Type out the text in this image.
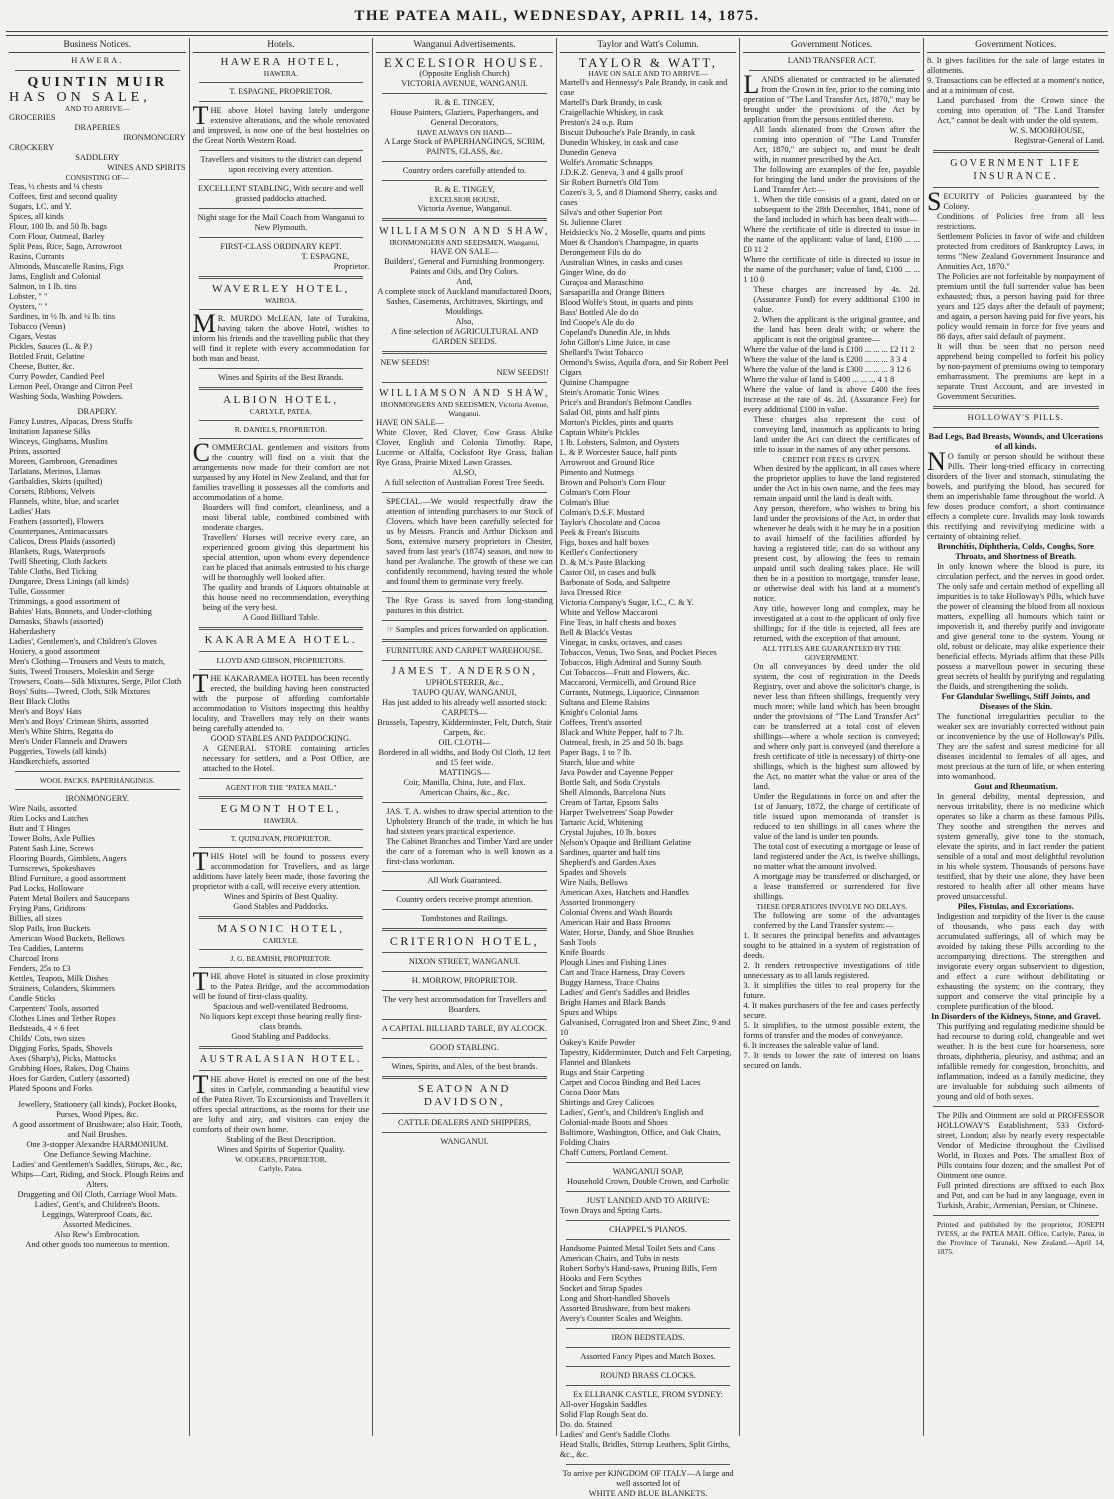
THE PATEA MAIL, WEDNESDAY, APRIL 14, 1875.
Business Notices.
HAWERA.
QUINTIN MUIR
HAS ON SALE,
AND TO ARRIVE—
GROCERIES
DRAPERIES
IRONMONGERY
CROCKERY
SADDLERY
WINES AND SPIRITS
CONSISTING OF—
Teas, ½ chests and ¼ chests
Coffees, first and second quality
Sugars, I.C. and Y.
Spices, all kinds
Flour, 100 lb. and 50 lb. bags
Corn Flour, Oatmeal, Barley
Split Peas, Rice, Sago, Arrowroot
Rasins, Currants
Almonds, Muscatelle Rasins, Figs
Jams, English and Colonial
Salmon, in 1 lb. tins
Lobster, " "
Oysters, " "
Sardines, in ½ lb. and ¼ lb. tins
Tobacco (Venus)
Cigars, Vestas
Pickles, Sauces (L. & P.)
Bottled Fruit, Gelatine
Cheese, Butter, &c.
Curry Powder, Candied Peel
Lemon Peel, Orange and Citron Peel
Washing Soda, Washing Powders.
DRAPERY.
Fancy Lustres, Alpacas, Dress Stuffs
Imitation Japanese Silks
Winceys, Ginghams, Muslins
Prints, assorted
Moreen, Gambroon, Grenadines
Tarlatans, Merinos, Llamas
Garibaldies, Skirts (quilted)
Corsets, Ribbons, Velvets
Flannels, white, blue, and scarlet
Ladies' Hats
Feathers (assorted), Flowers
Counterpanes, Antimacassars
Calicos, Dress Plaids (assorted)
Blankets, Rugs, Waterproofs
Twill Sheeting, Cloth Jackets
Table Cloths, Bed Ticking
Dungaree, Dress Linings (all kinds)
Tulle, Gossomer
Trimmings, a good assortment of
Babies' Hats, Bonnets, and Under-clothing
Damasks, Shawls (assorted)
Haberdashery
Ladies', Gentlemen's, and Children's Gloves
Hosiery, a good assortment
Men's Clothing—Trousers and Vests to match, Suits, Tweed Trousers, Moleskin and Serge Trowsers, Coats—Silk Mixtures, Serge, Pilot Cloth
Boys' Suits—Tweed, Cloth, Silk Mixtures
Best Black Cloths
Men's and Boys' Hats
Men's and Boys' Crimean Shirts, assorted
Men's White Shirts, Regatta do
Men's Under Flannels and Drawers
Puggeries, Towels (all kinds)
Handkerchiefs, assorted
WOOL PACKS. PAPERHANGINGS.
IRONMONGERY.
Wire Nails, assorted
Rim Locks and Latches
Butt and T Hinges
Tower Bolts, Axle Pullies
Patent Sash Line, Screws
Flooring Boards, Gimblets, Augers
Turnscrews, Spokeshaves
Blind Furniture, a good assortment
Pad Locks, Holloware
Patent Metal Boilers and Saucepans
Frying Pans, Gridirons
Billies, all sizes
Slop Pails, Iron Buckets
American Wood Buckets, Bellows
Tea Caddies, Lanterns
Charcoal Irons
Fenders, 25s to £3
Kettles, Teapots, Milk Dishes
Strainers, Colanders, Skimmers
Candle Sticks
Carpenters' Tools, assorted
Clothes Lines and Tether Ropes
Bedsteads, 4 × 6 feet
Childs' Cots, two sizes
Digging Forks, Spads, Shovels
Axes (Sharp's), Picks, Mattocks
Grubbing Hoes, Rakes, Dog Chains
Hoes for Garden, Cutlery (assorted)
Plated Spoons and Forks
Jewellery, Stationery (all kinds), Pocket Books, Purses, Wood Pipes, &c.
A good assortment of Brushware; also Hair, Tooth, and Nail Brushes.
One 3-stopper Alexandre HARMONIUM.
One Defiance Sewing Machine.
Ladies' and Gentlemen's Saddles, Stirups, &c., &c.
Whips—Cart, Riding, and Stock. Plough Reins and Alters.
Druggeting and Oil Cloth, Carriage Wool Mats.
Ladies', Gent's, and Children's Boots.
Leggings, Waterproof Coats, &c.
Assorted Medicines.
Also Rew's Embrocation.
And other goods too numerous to mention.
Hotels.
HAWERA HOTEL,
HAWERA.
T. ESPAGNE, PROPRIETOR.
THE above Hotel having lately undergone extensive alterations, and the whole renovated and improved, is now one of the best hostelries on the Great North Western Road.
Travellers and visitors to the district can depend upon receiving every attention.
EXCELLENT STABLING, With secure and well grassed paddocks attached.
Night stage for the Mail Coach from Wanganui to New Plymouth.
FIRST-CLASS ORDINARY KEPT.
T. ESPAGNE,
Proprietor.
WAVERLEY HOTEL,
WAIROA.
MR. MURDO McLEAN, late of Turakina, having taken the above Hotel, wishes to inform his friends and the travelling public that they will find it replete with every accommodation for both man and beast.
Wines and Spirits of the Best Brands.
ALBION HOTEL,
CARLYLE, PATEA.
R. DANIELS, PROPRIETOR.
COMMERCIAL gentlemen and visitors from the country will find on a visit that the arrangements now made for their comfort are not surpassed by any Hotel in New Zealand, and that for families travelling it possesses all the comforts and accommodation of a home.
Boarders will find comfort, cleanliness, and a most liberal table, combined combined with moderate charges.
Travellers' Horses will receive every care, an experienced groom giving this department his special attention, upon whom every dependence can be placed that animals entrusted to his charge will be thoroughly well looked after.
The quality and brands of Liquors obtainable at this house need no recommendation, everything being of the very best.
A Good Billiard Table.
KAKARAMEA HOTEL.
LLOYD AND GIBSON, PROPRIETORS.
THE KAKARAMEA HOTEL has been recently erected, the building having been constructed with the purpose of affording comfortable accommodation to Visitors inspecting this healthy locality, and Travellers may rely on their wants being carefully attended to.
GOOD STABLES AND PADDOCKING.
A GENERAL STORE containing articles necessary for settlers, and a Post Office, are attached to the Hotel.
AGENT FOR THE "PATEA MAIL."
EGMONT HOTEL,
HAWERA.
T. QUINLIVAN, PROPRIETOR.
THIS Hotel will be found to possess every accommodation for Travellers, and as large additions have lately been made, those favoring the proprietor with a call, will receive every attention.
Wines and Spirits of Best Quality.
Good Stables and Paddocks.
MASONIC HOTEL,
CARLYLE.
J. G. BEAMISH, PROPRIETOR.
THE above Hotel is situated in close proximity to the Patea Bridge, and the accommodation will be found of first-class quality.
Spacious and well-ventilated Bedrooms.
No liquors kept except those bearing really first-class brands.
Good Stabling and Paddocks.
AUSTRALASIAN HOTEL.
THE above Hotel is erected on one of the best sites in Carlyle, commanding a beautiful view of the Patea River. To Excursionists and Travellers it offers special attractions, as the rooms for their use are lofty and airy, and visitors can enjoy the comforts of their own home.
Stabling of the Best Description.
Wines and Spirits of Superior Quality.
W. ODGERS, PROPRIETOR,
Carlyle, Patea.
Wanganui Advertisements.
EXCELSIOR HOUSE.
(Opposite English Church)
VICTORIA AVENUE, WANGANUI.
R. & E. TINGEY,
House Painters, Glaziers, Paperhangers, and General Decorators,
HAVE ALWAYS ON HAND—
A Large Stock of PAPERHANGINGS, SCRIM, PAINTS, GLASS, &c.
Country orders carefully attended to.
R. & E. TINGEY,
EXCELSIOR HOUSE,
Victoria Avenue, Wanganui.
WILLIAMSON AND SHAW,
IRONMONGERS AND SEEDSMEN, Wanganui,
HAVE ON SALE—
Builders', General and Furnishing Ironmongery. Paints and Oils, and Dry Colors.
And,
A complete stock of Auckland manufactured Doors, Sashes, Casements, Architraves, Skirtings, and Mouldings.
Also,
A fine selection of AGRICULTURAL AND GARDEN SEEDS.
NEW SEEDS!
NEW SEEDS!!
WILLIAMSON AND SHAW,
IRONMONGERS AND SEEDSMEN, Victoria Avenue, Wanganui.
HAVE ON SALE—
White Clover, Red Clover, Cow Grass Alsike Clover, English and Colonia Timothy. Rape, Lucerne or Alfalfa, Cocksfoot Rye Grass, Italian Rye Grass, Prairie Mixed Lawn Grasses.
ALSO,
A full selection of Australian Forest Tree Seeds.
SPECIAL.—We would respectfully draw the attention of intending purchasers to our Stock of Clovers, which have been carefully selected for us by Messrs. Francis and Arthur Dickson and Sons, extensive nursery proprietors in Chester, saved from last year's (1874) season, and now to hand per Avalanche. The growth of these we can confidently recommend, having tested the whole and found them to germinate very freely.
The Rye Grass is saved from long-standing pastures in this district.
☞ Samples and prices forwarded on application.
FURNITURE AND CARPET WAREHOUSE.
JAMES T. ANDERSON,
UPHOLSTERER, &c.,
TAUPO QUAY, WANGANUI,
Has just added to his already well assorted stock:
CARPETS—
Brussels, Tapestry, Kidderminster, Felt, Dutch, Stair Carpets, &c.
OIL CLOTH—
Bordered in all widths, and Body Oil Cloth, 12 feet and 15 feet wide.
MATTINGS—
Coir, Manilla, China, Jute, and Flax.
American Chairs, &c., &c.
JAS. T. A. wishes to draw special attention to the Upholstery Branch of the trade, in which he has had sixteen years practical experience.
The Cabinet Branches and Timber Yard are under the care of a foreman who is well known as a first-class workman.
All Work Guaranteed.
Country orders receive prompt attention.
Tombstones and Railings.
CRITERION HOTEL,
NIXON STREET, WANGANUI.
H. MORROW, PROPRIETOR.
The very best accommodation for Travellers and Boarders.
A CAPITAL BILLIARD TABLE, BY ALCOCK.
GOOD STABLING.
Wines, Spirits, and Ales, of the best brands.
SEATON AND DAVIDSON,
CATTLE DEALERS AND SHIPPERS,
WANGANUI.
Taylor and Watt's Column.
TAYLOR & WATT,
HAVE ON SALE AND TO ARRIVE—
Martell's and Hennessy's Pale Brandy, in cask and case
Martell's Dark Brandy, in cask
Craigellachie Whiskey, in cask
Preston's 24 o.p. Rum
Biscuit Dubouche's Pale Brandy, in cask
Dunedin Whiskey, in cask and case
Dunedin Geneva
Wolfe's Aromatic Schnapps
J.D.K.Z. Geneva, 3 and 4 galls proof
Sir Robert Burnett's Old Tom
Cozen's 3, 5, and 8 Diamond Sherry, casks and cases
Silva's and other Superior Port
St. Julienne Claret
Heidsieck's No. 2 Moselle, quarts and pints
Moet & Chandon's Champagne, in quarts
Derongement Fils do do
Australian Wines, in casks and cases
Ginger Wine, do do
Curaçoa and Maraschino
Sarsaparilla and Orange Bitters
Blood Wolfe's Stout, in quarts and pints
Bass' Bottled Ale do do
Ind Coope's Ale do do
Copeland's Dunedin Ale, in hhds
John Gillon's Lime Juice, in case
Shellard's Twist Tobacco
Ormond's Swiss, Aquila d'ora, and Sir Robert Peel Cigars
Quinine Champagne
Stein's Aromatic Tonic Wines
Price's and Brandon's Belmont Candles
Salad Oil, pints and half pints
Morton's Pickles, pints and quarts
Captain White's Pickles
1 lb. Lobsters, Salmon, and Oysters
L. & P. Worcester Sauce, half pints
Arrowroot and Ground Rice
Pimento and Nutmegs
Brown and Polson's Corn Flour
Colman's Corn Flour
Colman's Blue
Colman's D.S.F. Mustard
Taylor's Chocolate and Cocoa
Peek & Frean's Biscuits
Figs, boxes and half boxes
Keiller's Confectionery
D. & M.'s Paste Blacking
Castor Oil, in cases and bulk
Barbonate of Soda, and Saltpetre
Java Dressed Rice
Victoria Company's Sugar, I.C., C. & Y.
White and Yellow Maccaroni
Fine Teas, in half chests and boxes
Bell & Black's Vestas
Vinegar, in casks, octaves, and cases
Tobaccos, Venus, Two Seas, and Pocket Pieces
Tobaccos, High Admiral and Sunny South
Cut Tobaccos—Fruit and Flowers, &c.
Maccaroni, Vermicelli, and Ground Rice
Currants, Nutmegs, Liquorice, Cinnamon
Sultana and Eleme Raisins
Knight's Colonial Jams
Coffees, Trent's assorted
Black and White Pepper, half to 7 lb.
Oatmeal, fresh, in 25 and 50 lb. bags
Paper Bags, 1 to 7 lb.
Starch, blue and white
Java Powder and Cayenne Pepper
Bottle Salt, and Soda Crystals
Shell Almonds, Barcelona Nuts
Cream of Tartar, Epsom Salts
Harper Twelvetrees' Soap Powder
Tartaric Acid, Whitening
Crystal Jujubes, 10 lb. boxes
Nelson's Opaque and Brilliant Gelatine
Sardines, quarter and half tins
Shepherd's and Garden Axes
Spades and Shovels
Wire Nails, Bellows
American Axes, Hatchets and Handles
Assorted Ironmongery
Colonial Ovens and Wash Boards
American Hair and Bass Brooms
Water, Horse, Dandy, and Shoe Brushes
Sash Tools
Knife Boards
Plough Lines and Fishing Lines
Cart and Trace Harness, Dray Covers
Buggy Harness, Trace Chains
Ladies' and Gent's Saddles and Bridles
Bright Hames and Black Bands
Spurs and Whips
Galvanised, Corrugated Iron and Sheet Zinc, 9 and 10
Oakey's Knife Powder
Tapestry, Kidderminster, Dutch and Felt Carpeting, Flannel and Blankets
Rugs and Stair Carpeting
Carpet and Cocoa Binding and Bed Laces
Cocoa Door Mats
Shirtings and Grey Calicoes
Ladies', Gent's, and Children's English and Colonial-made Boots and Shoes
Baltimore, Washington, Office, and Oak Chairs, Folding Chairs
Chaff Cutters, Portland Cement.
WANGANUI SOAP,
Household Crown, Double Crown, and Carbolic
JUST LANDED AND TO ARRIVE:
Town Drays and Spring Carts.
CHAPPEL'S PIANOS.
Handsome Painted Metal Toilet Sets and Cans
American Chairs, and Tubs in nests
Robert Sorby's Hand-saws, Pruning Bills, Fern Hooks and Fern Scythes
Socket and Strap Spades
Long and Short-handled Shovels
Assorted Brushware, from best makers
Avery's Counter Scales and Weights.
IRON BEDSTEADS.
Assorted Fancy Pipes and Match Boxes.
ROUND BRASS CLOCKS.
Ex ELLBANK CASTLE, FROM SYDNEY:
All-over Hogskin Saddles
Solid Flap Rough Seat do.
Do. do. Stained
Ladies' and Gent's Saddle Cloths
Head Stalls, Bridles, Stirrup Leathers, Split Girths, &c., &c.
To arrive per KINGDOM OF ITALY—A large and well assorted lot of
WHITE AND BLUE BLANKETS.
Government Notices.
LAND TRANSFER ACT.
LANDS alienated or contracted to be alienated from the Crown in fee, prior to the coming into operation of "The Land Transfer Act, 1870," may be brought under the provisions of the Act by application from the persons entitled thereto.
All lands alienated from the Crown after the coming into operation of "The Land Transfer Act, 1870," are subject to, and must be dealt with, in manner prescribed by the Act.
The following are examples of the fee, payable for bringing the land under the provisions of the Land Transfer Act:—
1. When the title consists of a grant, dated on or subsequent to the 28th December, 1841, none of the land included in which has been dealt with—
Where the certificate of title is directed to issue in the name of the applicant: value of land, £100 ... ... £0 11 2
Where the certificate of title is directed to issue in the name of the purchaser; value of land, £100 ... ... 1 10 0
These charges are increased by 4s. 2d. (Assurance Fund) for every additional £100 in value.
2. When the applicant is the original grantee, and the land has been dealt with; or where the applicant is not the original grantee—
Where the value of the land is £100 ... ... ... £2 11 2
Where the value of the land is £200 ... ... ... 3 3 4
Where the value of the land is £300 ... ... ... 3 12 6
Where the value of land is £400 ... ... ... 4 1 8
Where the value of land is above £400 the fees increase at the rate of 4s. 2d. (Assurance Fee) for every additional £100 in value.
These charges also represent the cost of conveying land, inasmuch as applicants to bring land under the Act can direct the certificates of title to issue in the names of any other persons.
CREDIT FOR FEES IS GIVEN.
When desired by the applicant, in all cases where the proprietor applies to have the land registered under the Act in his own name, and the fees may remain unpaid until the land is dealt with.
Any person, therefore, who wishes to bring his land under the provisions of the Act, in order that whenever he deals with it he may be in a position to avail himself of the facilities afforded by having a registered title, can do so without any present cost, by allowing the fees to remain unpaid until such dealing takes place. He will then be in a position to mortgage, transfer lease, or otherwise deal with his land at a moment's notice.
Any title, however long and complex, may be investigated at a cost to the applicant of only five shillings; for if the title is rejected, all fees are returned, with the exception of that amount.
ALL TITLES ARE GUARANTEED BY THE GOVERNMENT.
On all conveyances by deed under the old system, the cost of registration in the Deeds Registry, over and above the solicitor's charge, is never less than fifteen shillings, frequently very much more; while land which has been brought under the provisions of "The Land Transfer Act" can be transferred at a total cost of eleven shillings—where a whole section is conveyed; and where only part is conveyed (and therefore a fresh certificate of title is necessary) of thirty-one shillings, which is the highest sum allowed by the Act, no matter what the value or area of the land.
Under the Regulations in force on and after the 1st of January, 1872, the charge of certificate of title issued upon memoranda of transfer is reduced to ten shillings in all cases where the value of the land is under ten pounds.
The total cost of executing a mortgage or lease of land registered under the Act, is twelve shillings, no matter what the amount involved.
A mortgage may be transferred or discharged, or a lease transferred or surrendered for five shillings.
THESE OPERATIONS INVOLVE NO DELAYS.
The following are some of the advantages conferred by the Land Transfer system:—
1. It secures the principal benefits and advantages sought to be attained in a system of registration of deeds.
2. It renders retrospective investigations of title unnecessary as to all lands registered.
3. It simplifies the titles to real property for the future.
4. It makes purchasers of the fee and cases perfectly secure.
5. It simplifies, to the utmost possible extent, the forms of transfer and the modes of conveyance.
6. It increases the saleable value of land.
7. It tends to lower the rate of interest on loans secured on lands.
Government Notices.
8. It gives facilities for the sale of large estates in allotments.
9. Transactions can be effected at a moment's notice, and at a minimum of cost.
Land purchased from the Crown since the coming into operation of "The Land Transfer Act," cannot be dealt with under the old system.
W. S. MOORHOUSE,
Registrar-General of Land.
GOVERNMENT LIFE INSURANCE.
SECURITY of Policies guaranteed by the Colony.
Conditions of Policies free from all less restrictions.
Settlement Policies in favor of wife and children protected from creditors of Bankruptcy Laws, in terms "New Zealand Government Insurance and Annuities Act, 1870."
The Policies are not forfeitable by nonpayment of premium until the full surrender value has been exhausted; thus, a person having paid for three years and 125 days after the default of payment; and again, a person having paid for five years, his policy would remain in force for five years and 86 days, after said default of payment.
It will thus be seen that no person need apprehend being compelled to forfeit his policy by non-payment of premiums owing to temporary embarrassment. The premiums are kept in a separate Trust Account, and are invested in Government Securities.
HOLLOWAY'S PILLS.
Bad Legs, Bad Breasts, Wounds, and Ulcerations of all kinds.
NO family or person should be without these Pills. Their long-tried efficacy in correcting disorders of the liver and stomach, stimulating the bowels, and purifying the blood, has secured for them an imperishable fame throughout the world. A few doses produce comfort, a short continuance effects a complete cure. Invalids may look towards this rectifying and revivifying medicine with a certainty of obtaining relief.
Bronchitis, Diphtheria, Colds, Coughs, Sore Throats, and Shortness of Breath.
In only known where the blood is pure, its circulation perfect, and the nerves in good order. The only safe and certain method of expelling all impurities is to take Holloway's Pills, which have the power of cleansing the blood from all noxious matters, expelling all humours which taint or impoverish it, and thereby purify and invigorate and give general tone to the system. Young or old, robust or delicate, may alike experience their beneficial effects. Myriads affirm that these Pills possess a marvellous power in securing these great secrets of health by purifying and regulating the fluids, and strengthening the solids.
For Glandular Swellings, Stiff Joints, and Diseases of the Skin.
The functional irregularities peculiar to the weaker sex are invariably corrected without pain or inconvenience by the use of Holloway's Pills. They are the safest and surest medicine for all diseases incidental to females of all ages, and most precious at the turn of life, or when entering into womanhood.
Gout and Rheumatism.
In general debility, mental depression, and nervous irritability, there is no medicine which operates so like a charm as these famous Pills. They soothe and strengthen the nerves and system generally, give tone to the stomach, elevate the spirits, and in fact render the patient sensible of a total and most delightful revolution in his whole system. Thousands of persons have testified, that by their use alone, they have been restored to health after all other means have proved unsuccessful.
Piles, Fistulas, and Excoriations.
Indigestion and torpidity of the liver is the cause of thousands, who pass each day with accumulated sufferings, all of which may be avoided by taking these Pills according to the accompanying directions. The strengthen and invigorate every organ subservient to digestion, and effect a cure without debilitating or exhausting the system; on the contrary, they support and conserve the vital principle by a complete purification of the blood.
In Disorders of the Kidneys, Stone, and Gravel.
This purifying and regulating medicine should be had recourse to during cold, changeable and wet weather. It is the best cure for hoarseness, sore throats, diphtheria, pleurisy, and asthma; and an infallible remedy for congestion, bronchitis, and inflammation, indeed as a family medicine, they are invaluable for subduing such ailments of young and old of both sexes.
The Pills and Ointment are sold at PROFESSOR HOLLOWAY'S Establishment, 533 Oxford-street, London; also by nearly every respectable Vendor of Medicine throughout the Civilised World, in Boxes and Pots. The smallest Box of Pills contains four dozen; and the smallest Pot of Ointment one ounce.
Full printed directions are affixed to each Box and Pot, and can be had in any language, even in Turkish, Arabic, Armenian, Persian, or Chinese.
Printed and published by the proprietor, JOSEPH IVESS, at the PATEA MAIL Office, Carlyle, Patea, in the Province of Taranaki, New Zealand.—April 14, 1875.
